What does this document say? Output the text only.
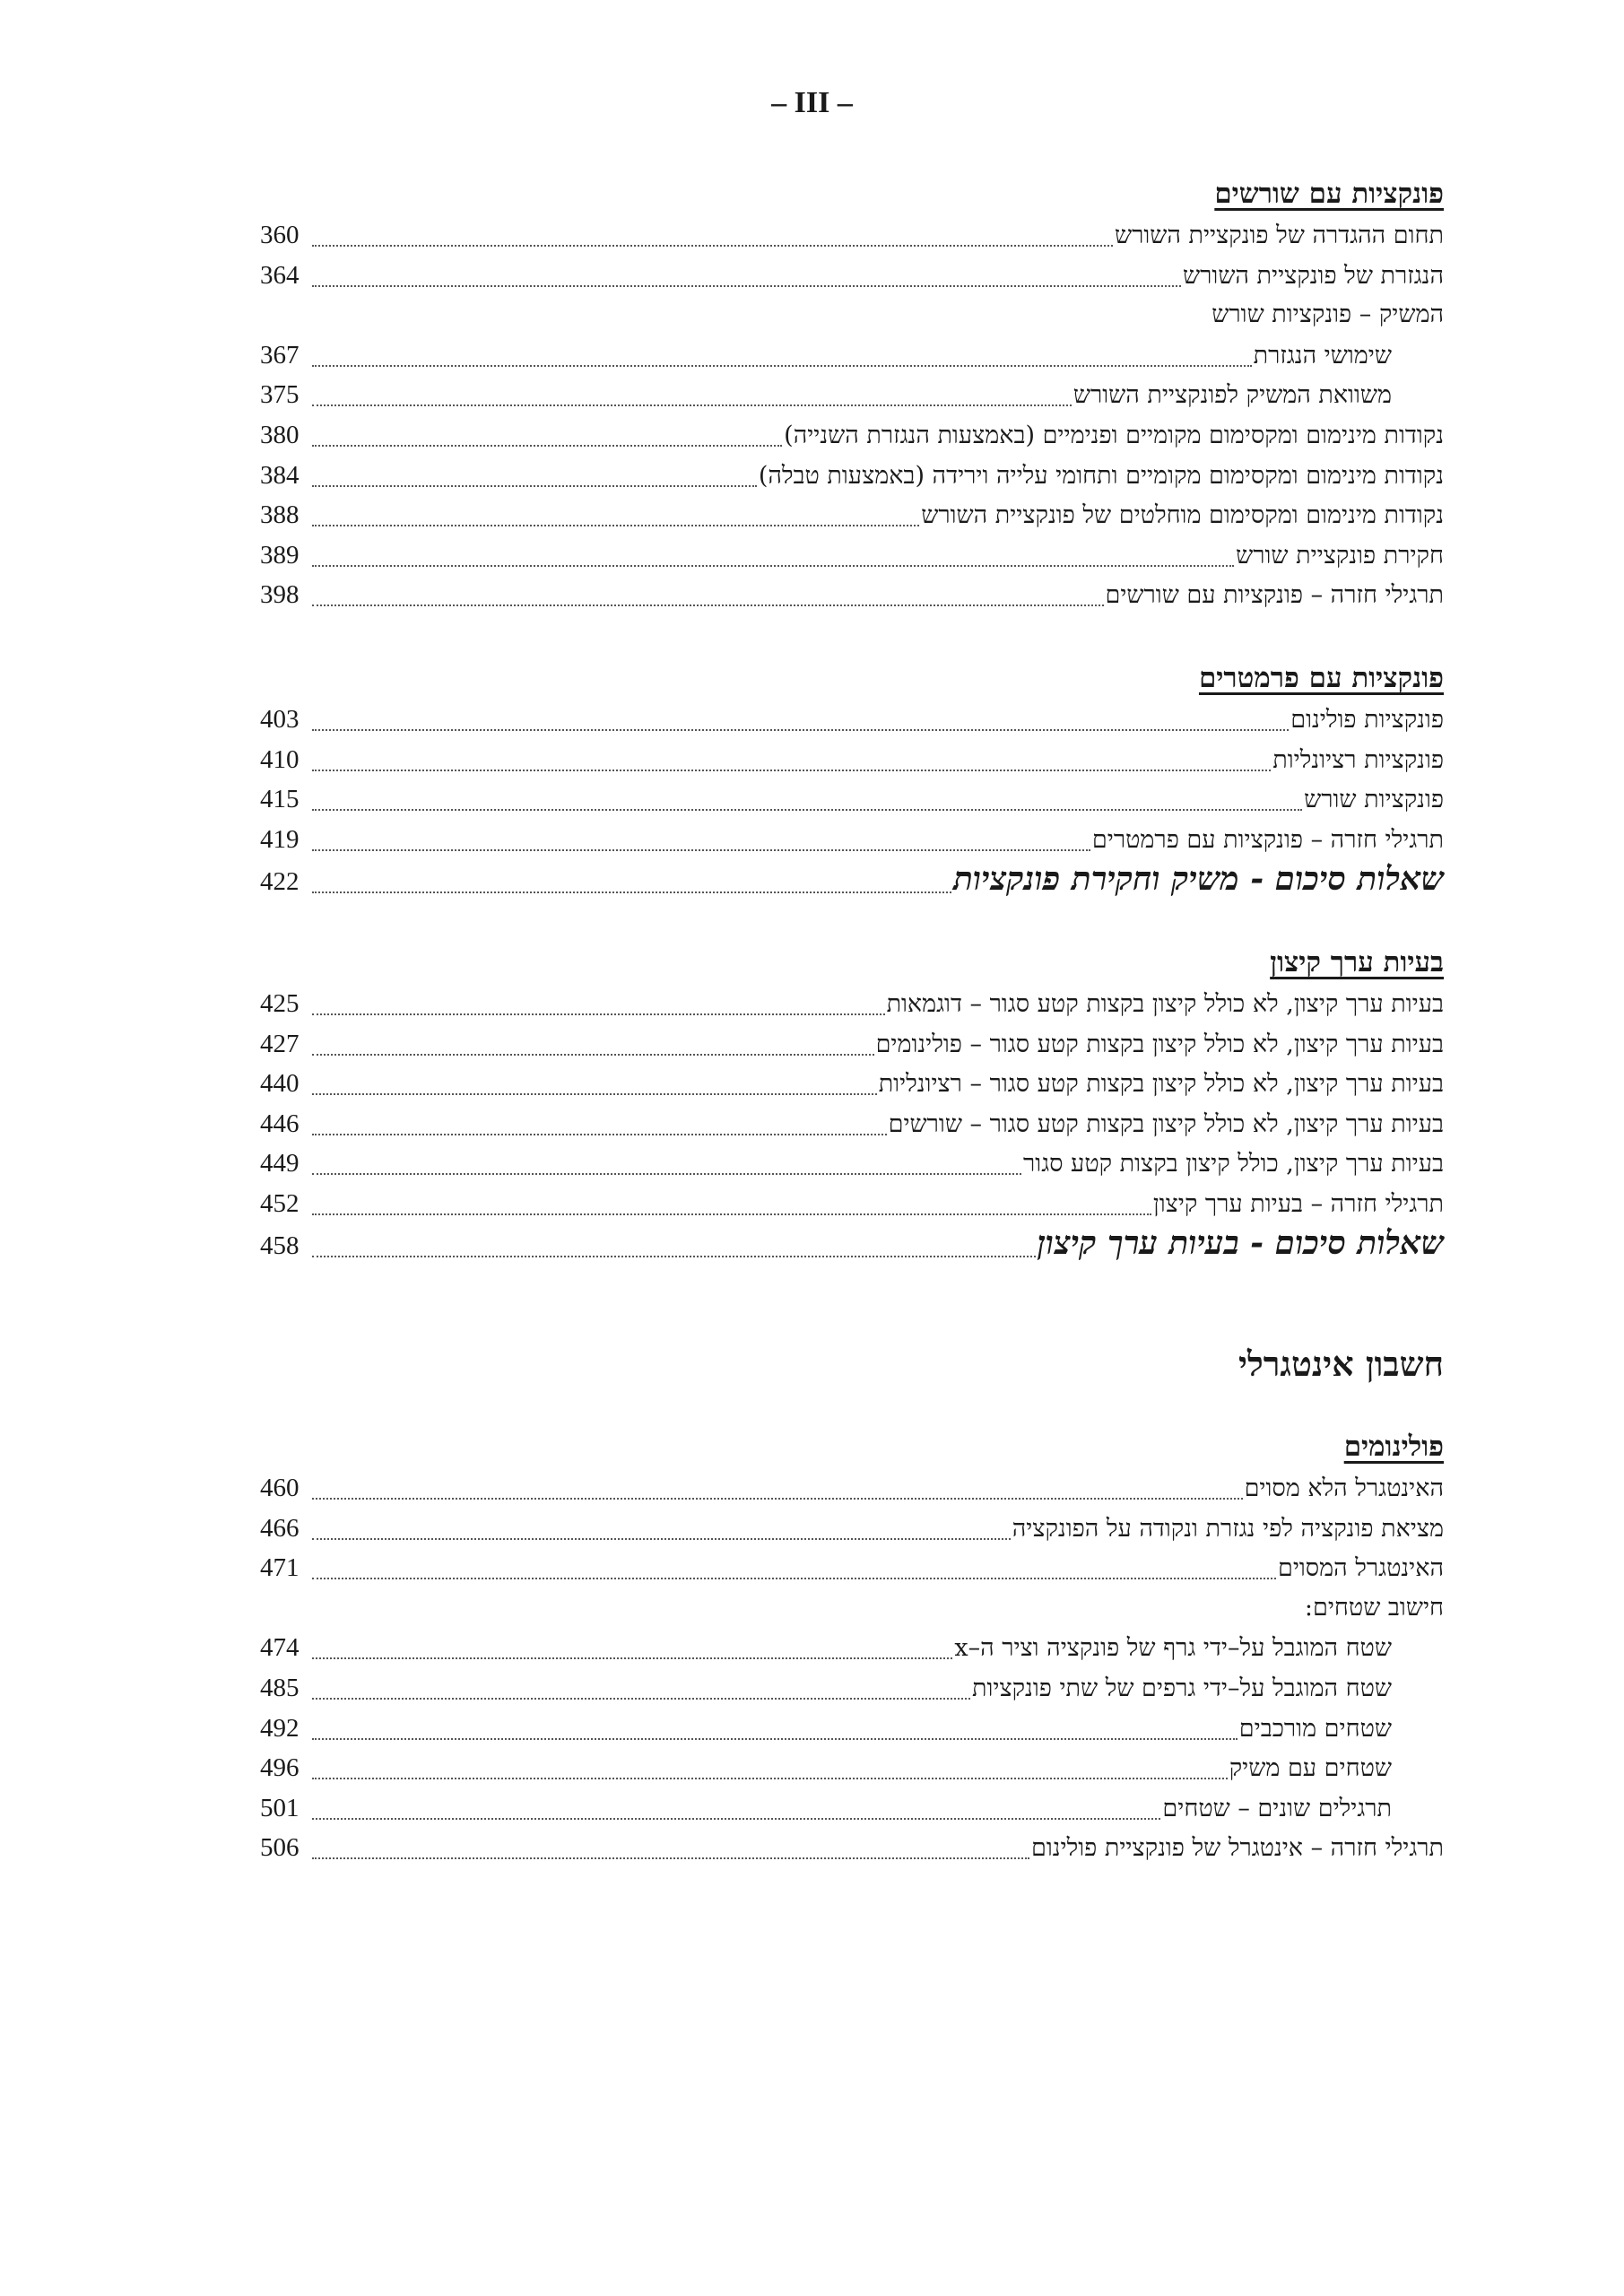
– III –
פונקציות עם שורשים
תחום ההגדרה של פונקציית השורש
360
הנגזרת של פונקציית השורש
364
המשיק – פונקציות שורש
שימושי הנגזרת
367
משוואת המשיק לפונקציית השורש
375
נקודות מינימום ומקסימום מקומיים ופנימיים (באמצעות הנגזרת השנייה)
380
נקודות מינימום ומקסימום מקומיים ותחומי עלייה וירידה (באמצעות טבלה)
384
נקודות מינימום ומקסימום מוחלטים של פונקציית השורש
388
חקירת פונקציית שורש
389
תרגילי חזרה – פונקציות עם שורשים
398
פונקציות עם פרמטרים
פונקציות פולינום
403
פונקציות רציונליות
410
פונקציות שורש
415
תרגילי חזרה – פונקציות עם פרמטרים
419
שאלות סיכום - משיק וחקירת פונקציות
422
בעיות ערך קיצון
בעיות ערך קיצון, לא כולל קיצון בקצות קטע סגור – דוגמאות
425
בעיות ערך קיצון, לא כולל קיצון בקצות קטע סגור – פולינומים
427
בעיות ערך קיצון, לא כולל קיצון בקצות קטע סגור – רציונליות
440
בעיות ערך קיצון, לא כולל קיצון בקצות קטע סגור – שורשים
446
בעיות ערך קיצון, כולל קיצון בקצות קטע סגור
449
תרגילי חזרה – בעיות ערך קיצון
452
שאלות סיכום - בעיות ערך קיצון
458
חשבון אינטגרלי
פולינומים
האינטגרל הלא מסוים
460
מציאת פונקציה לפי נגזרת ונקודה על הפונקציה
466
האינטגרל המסוים
471
חישוב שטחים:
שטח המוגבל על–ידי גרף של פונקציה וציר ה–x
474
שטח המוגבל על–ידי גרפים של שתי פונקציות
485
שטחים מורכבים
492
שטחים עם משיק
496
תרגילים שונים – שטחים
501
תרגילי חזרה – אינטגרל של פונקציית פולינום
506
